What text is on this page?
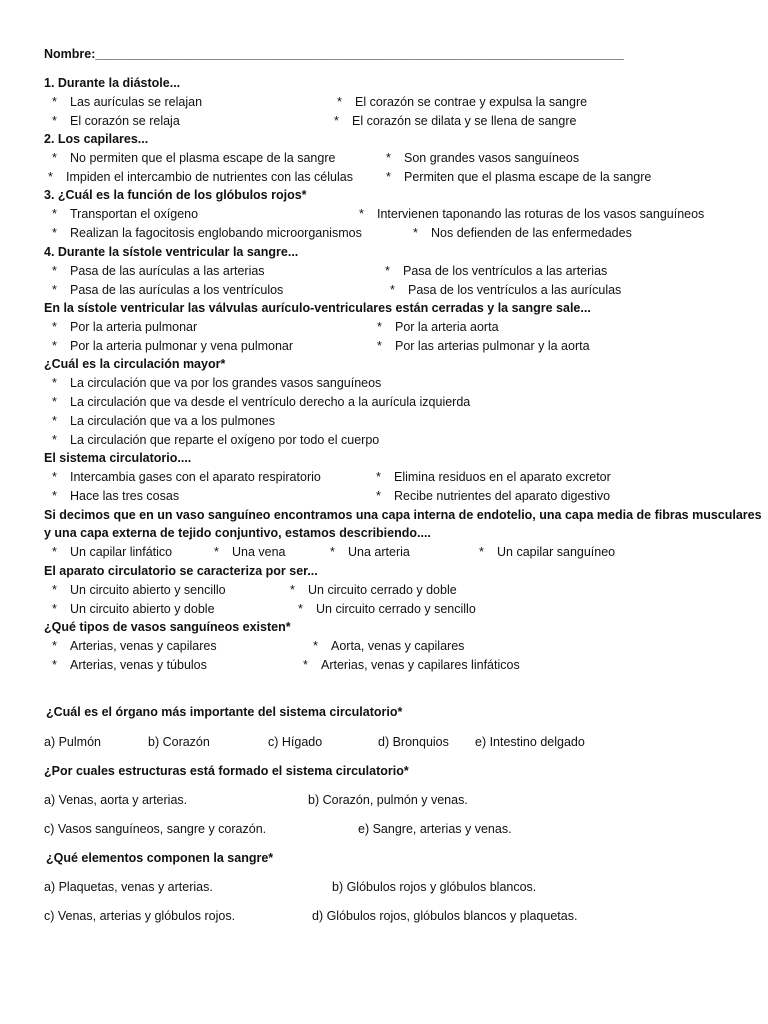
Nombre:____________________________________________________________________________
1. Durante la diástole...
* Las aurículas se relajan	* El corazón se contrae y expulsa la sangre
* El corazón se relaja	* El corazón se dilata y se llena de sangre
2. Los capilares...
* No permiten que el plasma escape de la sangre	* Son grandes vasos sanguíneos
* Impiden el intercambio de nutrientes con las células	* Permiten que el plasma escape de la sangre
3. ¿Cuál es la función de los glóbulos rojos*
* Transportan el oxígeno	* Intervienen taponando las roturas de los vasos sanguíneos
* Realizan la fagocitosis englobando microorganismos	* Nos defienden de las enfermedades
4. Durante la sístole ventricular la sangre...
* Pasa de las aurículas a las arterias	* Pasa de los ventrículos a las arterias
* Pasa de las aurículas a los ventrículos	* Pasa de los ventrículos a las aurículas
En la sístole ventricular las válvulas aurículo-ventriculares están cerradas y la sangre sale...
* Por la arteria pulmonar	* Por la arteria aorta
* Por la arteria pulmonar y vena pulmonar	* Por las arterias pulmonar y la aorta
¿Cuál es la circulación mayor*
* La circulación que va por los grandes vasos sanguíneos
* La circulación que va desde el ventrículo derecho a la aurícula izquierda
* La circulación que va a los pulmones
* La circulación que reparte el oxígeno por todo el cuerpo
El sistema circulatorio....
* Intercambia gases con el aparato respiratorio	* Elimina residuos en el aparato excretor
* Hace las tres cosas	* Recibe nutrientes del aparato digestivo
Si decimos que en un vaso sanguíneo encontramos una capa interna de endotelio, una capa media de fibras musculares
y una capa externa de tejido conjuntivo, estamos describiendo....
* Un capilar linfático	* Una vena	* Una arteria	* Un capilar sanguíneo
El aparato circulatorio se caracteriza por ser...
* Un circuito abierto y sencillo	* Un circuito cerrado y doble
* Un circuito abierto y doble	* Un circuito cerrado y sencillo
¿Qué tipos de vasos sanguíneos existen*
* Arterias, venas y capilares	* Aorta, venas y capilares
* Arterias, venas y túbulos	* Arterias, venas y capilares linfáticos
¿Cuál es el órgano más importante del sistema circulatorio*
a) Pulmón	b) Corazón	c) Hígado	d) Bronquios e) Intestino delgado
¿Por cuales estructuras está formado el sistema circulatorio*
a) Venas, aorta y arterias.	b) Corazón, pulmón y venas.
c) Vasos sanguíneos, sangre y corazón.	e) Sangre, arterias y venas.
¿Qué elementos componen la sangre*
a) Plaquetas, venas y arterias.	b) Glóbulos rojos y glóbulos blancos.
c) Venas, arterias y glóbulos rojos.	d) Glóbulos rojos, glóbulos blancos y plaquetas.
